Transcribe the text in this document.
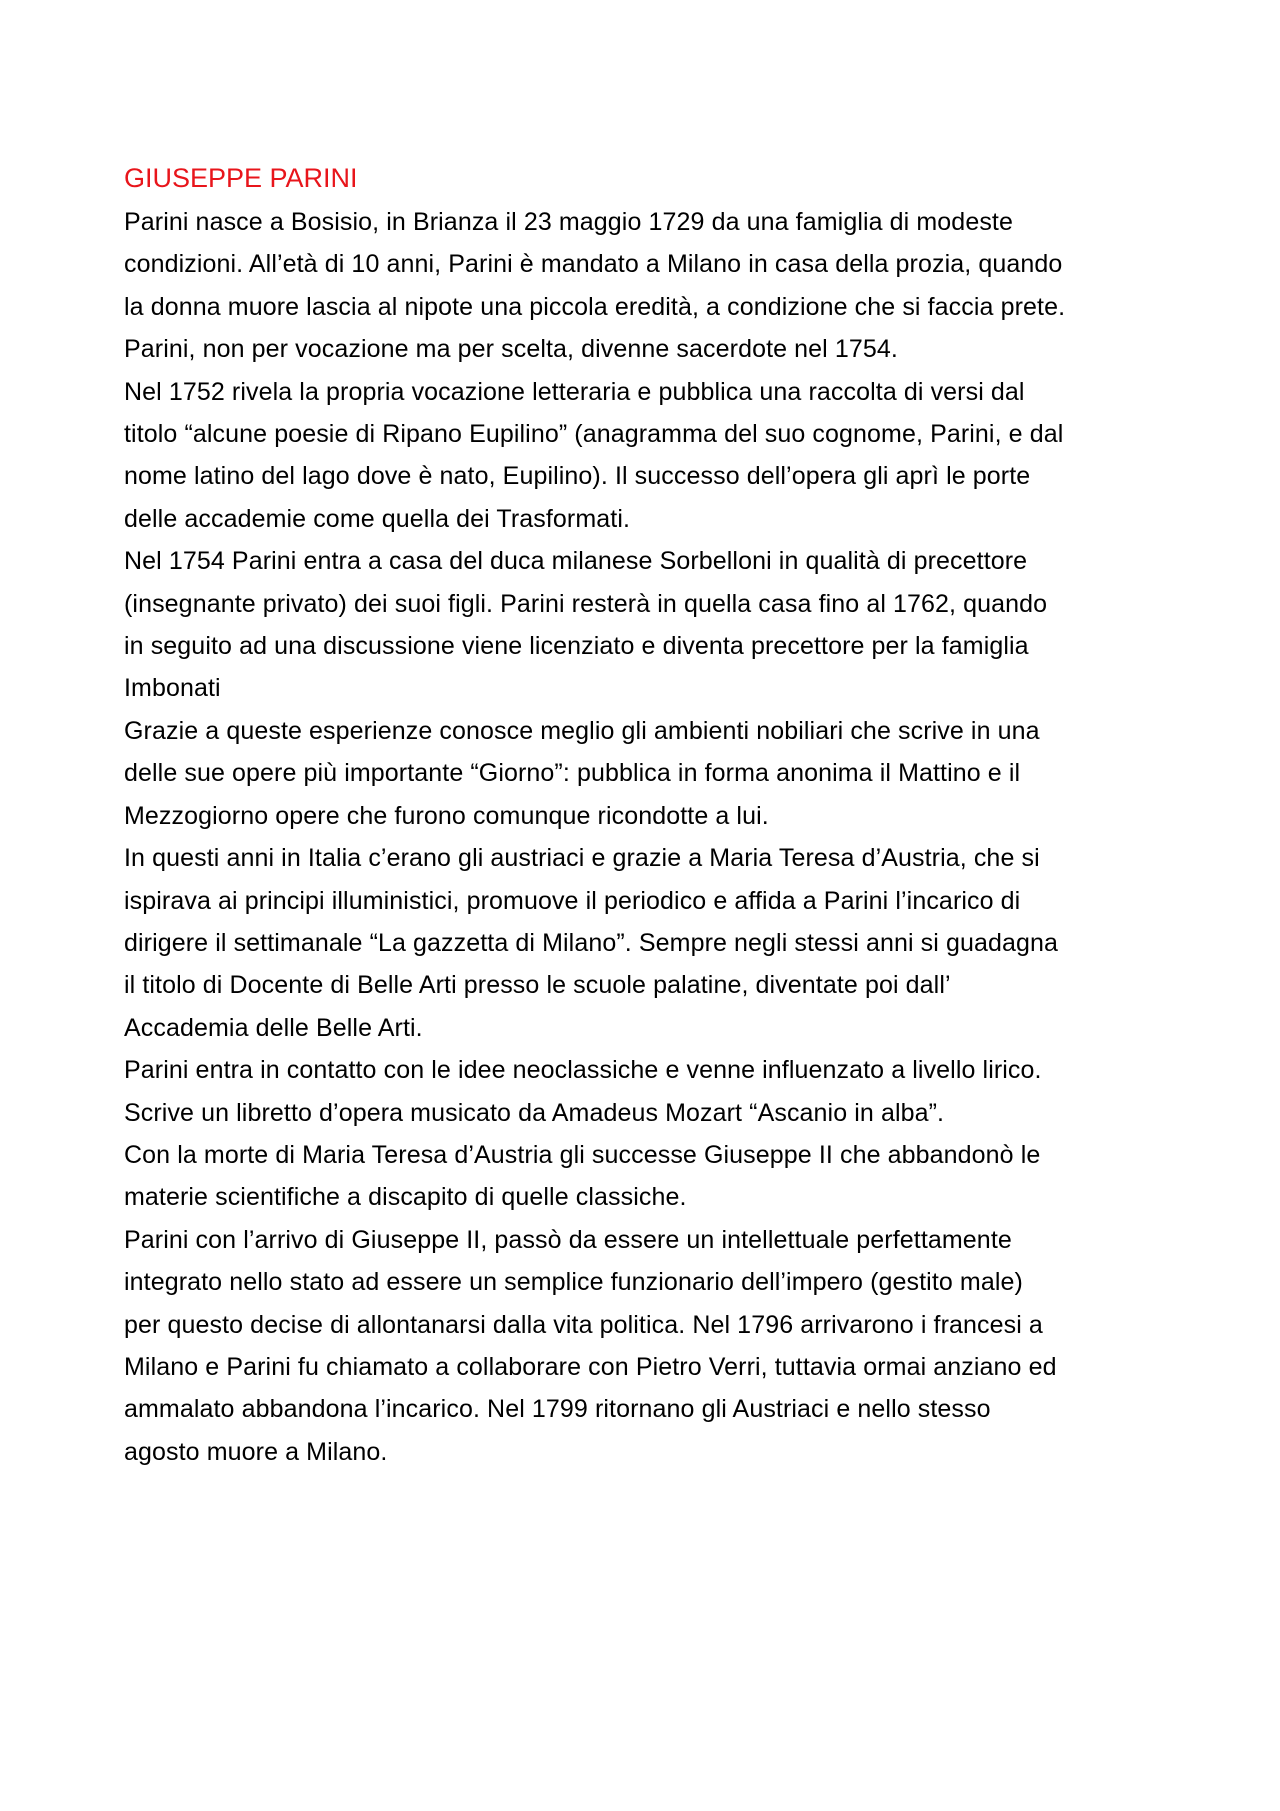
GIUSEPPE PARINI
Parini nasce a Bosisio, in Brianza il 23 maggio 1729 da una famiglia di modeste
condizioni. All’età di 10 anni, Parini è mandato a Milano in casa della prozia, quando
la donna muore lascia al nipote una piccola eredità, a condizione che si faccia prete.
Parini, non per vocazione ma per scelta, divenne sacerdote nel 1754.
Nel 1752 rivela la propria vocazione letteraria e pubblica una raccolta di versi dal
titolo “alcune poesie di Ripano Eupilino” (anagramma del suo cognome, Parini, e dal
nome latino del lago dove è nato, Eupilino). Il successo dell’opera gli aprì le porte
delle accademie come quella dei Trasformati.
Nel 1754 Parini entra a casa del duca milanese Sorbelloni in qualità di precettore
(insegnante privato) dei suoi figli. Parini resterà in quella casa fino al 1762, quando
in seguito ad una discussione viene licenziato e diventa precettore per la famiglia
Imbonati
Grazie a queste esperienze conosce meglio gli ambienti nobiliari che scrive in una
delle sue opere più importante “Giorno”: pubblica in forma anonima il Mattino e il
Mezzogiorno opere che furono comunque ricondotte a lui.
In questi anni in Italia c’erano gli austriaci e grazie a Maria Teresa d’Austria, che si
ispirava ai principi illuministici, promuove il periodico e affida a Parini l’incarico di
dirigere il settimanale “La gazzetta di Milano”. Sempre negli stessi anni si guadagna
il titolo di Docente di Belle Arti presso le scuole palatine, diventate poi dall’
Accademia delle Belle Arti.
Parini entra in contatto con le idee neoclassiche e venne influenzato a livello lirico.
Scrive un libretto d’opera musicato da Amadeus Mozart “Ascanio in alba”.
Con la morte di Maria Teresa d’Austria gli successe Giuseppe II che abbandonò le
materie scientifiche a discapito di quelle classiche.
Parini con l’arrivo di Giuseppe II, passò da essere un intellettuale perfettamente
integrato nello stato ad essere un semplice funzionario dell’impero (gestito male)
per questo decise di allontanarsi dalla vita politica. Nel 1796 arrivarono i francesi a
Milano e Parini fu chiamato a collaborare con Pietro Verri, tuttavia ormai anziano ed
ammalato abbandona l’incarico. Nel 1799 ritornano gli Austriaci e nello stesso
agosto muore a Milano.
